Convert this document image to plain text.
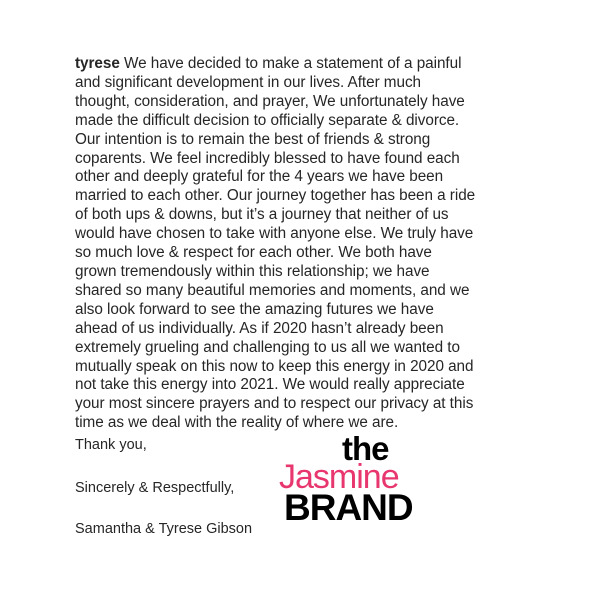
tyrese We have decided to make a statement of a painful
and significant development in our lives. After much
thought, consideration, and prayer, We unfortunately have
made the difficult decision to officially separate & divorce.
Our intention is to remain the best of friends & strong
coparents. We feel incredibly blessed to have found each
other and deeply grateful for the 4 years we have been
married to each other. Our journey together has been a ride
of both ups & downs, but it’s a journey that neither of us
would have chosen to take with anyone else. We truly have
so much love & respect for each other. We both have
grown tremendously within this relationship; we have
shared so many beautiful memories and moments, and we
also look forward to see the amazing futures we have
ahead of us individually. As if 2020 hasn’t already been
extremely grueling and challenging to us all we wanted to
mutually speak on this now to keep this energy in 2020 and
not take this energy into 2021. We would really appreciate
your most sincere prayers and to respect our privacy at this
time as we deal with the reality of where we are.
Thank you,
Sincerely & Respectfully,
Samantha & Tyrese Gibson
the
Jasmine
BRAND
